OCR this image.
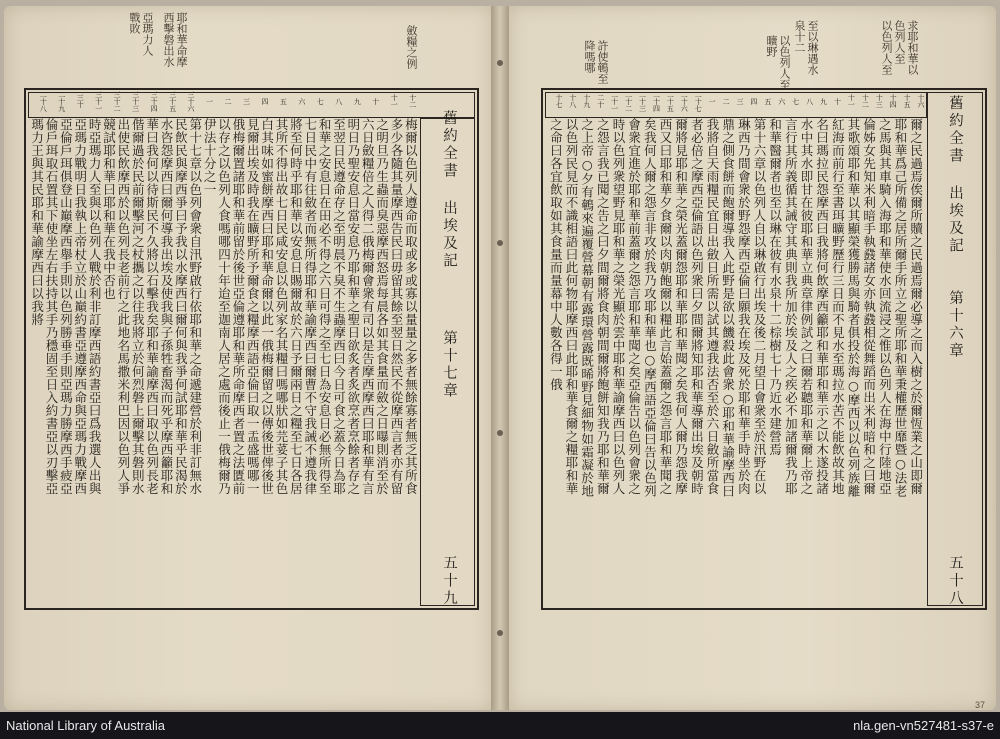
舊約全書
出埃及記
第十七章
五十九
耶和華命摩
西擊磐出水
亞瑪力人
戰敗
斂糧之例
十二
十一
十
九
八
七
六
五
四
三
二
一
三十六
三十五
三十四
三十三
三十二
三十一
三十
二十九
二十八
梅爾以色列人遵命而取或多或寡以量量之多者無餘寡者無乏其所食
多少各隨其量摩西告民曰毋留其餘至翌日然民不從摩西言者亦有留
之明旦乃生蟲而臭惡摩西怒焉每晨各如其食量而斂之日曝則消至於
六日斂糧倍之人得二俄梅爾會衆有司以是告摩西摩西曰耶和華有言
明日乃聖安息日當安息乃耶和華之聖日欲炙者炙欲烹者烹餘者存之
至翌日民遵命存之至明晨不臭不生蟲摩西曰今日可食之蓋今日為耶
和華之安息日在田必不得之六日可得之至七日為安息日必無所得至
七日民中有往斂者而無所得耶和華諭摩西曰爾曹不守我誡不遵我律
將至何時乎耶和華以安息日賜爾故於六日予爾兩日之糧至七日各居
其所不得出故七日民咸安息以色列家名其糧曰嗎哪狀如芫荽子其色
白其味如蜜餅摩西曰耶和華命爾以此一俄梅爾留之以傳後世俾後世
見爾出埃及時我在曠野所予爾食之糧摩西語亞倫曰取一盂盛嗎哪一
俄梅爾置諸耶和華前留於後世亞倫遵耶和華所命摩西者置之法匱前
以存之以色列人食嗎哪四十年迨至迦南人居之處而後止一俄梅爾乃
伊法十分之一
第十七章以色列會衆自汛野啟行依耶和華之命遞建營於利非訂無水
民飲民與摩西爭曰予我以水摩西曰爾何與我爭何試耶和華乎民渴於
水咨怨摩西曰爾何導我出埃及使我與子孫牲畜渴而死乎摩西籲耶和
華曰我何以待斯民不久將以石擊我矣耶和華諭摩西曰取以色列長老
偕爾過於民前爾擊河之杖攜之以往我將立於何烈磐上爾擊其磐則水
出使民飲摩西於以色列長老前行之此地名馬撒米利巴因以色列人爭
競試耶和華曰耶和華在我中否也
時亞瑪力人至與以色列人戰於利非訂摩西語約書亞曰爲我選人出與
亞瑪力戰明日我執上帝杖立於山巔約書亞遵摩西命與亞瑪力戰摩西
亞倫戶珥俱登山巔摩西舉手則以色列勝垂手則亞瑪力勝摩西手疲亞
倫戶珥取石置其下使坐左右扶持其手乃穩固至日入約書亞以刃擊亞
瑪力王與其民耶和華諭摩西曰以我將	舊約全書
出埃及記
第十六章
五十八
求耶和華以
色列人至
以色列人至
至以琳遇水
泉十二
以色列人至
曠野
許使鵪至
降嗎哪
十六
十五
十四
十三
十二
十一
十
九
八
七
六
五
四
三
二
一
二十七
二十六
二十五
二十四
二十三
二十二
二十一
二十
十九
十八
十七
爾之民過焉俟爾所贖之民過焉爾必導之而入樹之於爾恆業之山即爾
耶和華爲己所備之居所爾手所立之聖所耶和華秉權歷世靡暨○法老
之馬與其車騎入海耶和華使水回流浸之惟以色列人在海中行陸地亞
倫姊女先知米利暗手執鼗諸女亦執鼗相從舞蹈而出米利暗和之曰爾
其歌頌耶和華以其顯榮獲勝馬與騎者俱投於海○摩西以以色列族離
紅海而前行至書珥曠野歷行三日而不見水至瑪拉水苦不能飲故其地
名曰瑪拉民怨摩西曰我將何飲摩西籲耶和華耶和華示之以木遂投諸
水中其水即甘在彼耶和華立典章律例試之曰爾若聽耶和華爾上帝之
言行其所義循其誡守其典則我所加於埃及人之疾必不加諸爾我乃耶
和華醫爾者也至以琳在彼有水泉十二棕樹七十乃近水建營焉
第十六章以色列人自以琳啟行出埃及後二月望日會衆至於汛野在以
琳西乃間會衆於野怨摩西亞倫曰願我在埃及死於耶和華手時坐於肉
鼎之側食餅而飽爾導我入此野是欲以饑殺此會衆○耶和華諭摩西曰
我將自天雨糧民宜日出斂日所需以試其遵我法否至於六日斂所當食
者必倍之摩西亞倫語以色列衆曰夕間爾將知耶和華導爾出埃及朝時
爾將見耶和華之榮光蓋爾怨耶和華耶和華聞之矣我何人爾乃怨我摩
西又曰耶和華夕食爾以肉朝飽爾以糧此言始蓋爾之怨言耶和華聞之
矣我何人爾之怨言非攻於我乃攻耶和華也○摩西語亞倫曰告以色列
會衆宜進於耶和華前蓋爾之怨言耶和華聞之矣亞倫告以色列會衆之
時以色列衆望野見耶和華之榮光顯於雲中耶和華諭摩西曰以色列人
之怨言我已聞之告之曰夕間爾將食肉朝間爾將飽餅知我乃耶和華爾
之上帝○夕有鵪來遍覆營幕朝有露環營露既晞野見細物如霜凝於地
以色列民見而不識相語曰此何物耶摩西曰此耶和華食爾之糧耶和華
之命曰各宜飲取如其食量而量幕中人數各得一俄
37
National Library of Australia	nla.gen-vn527481-s37-e
